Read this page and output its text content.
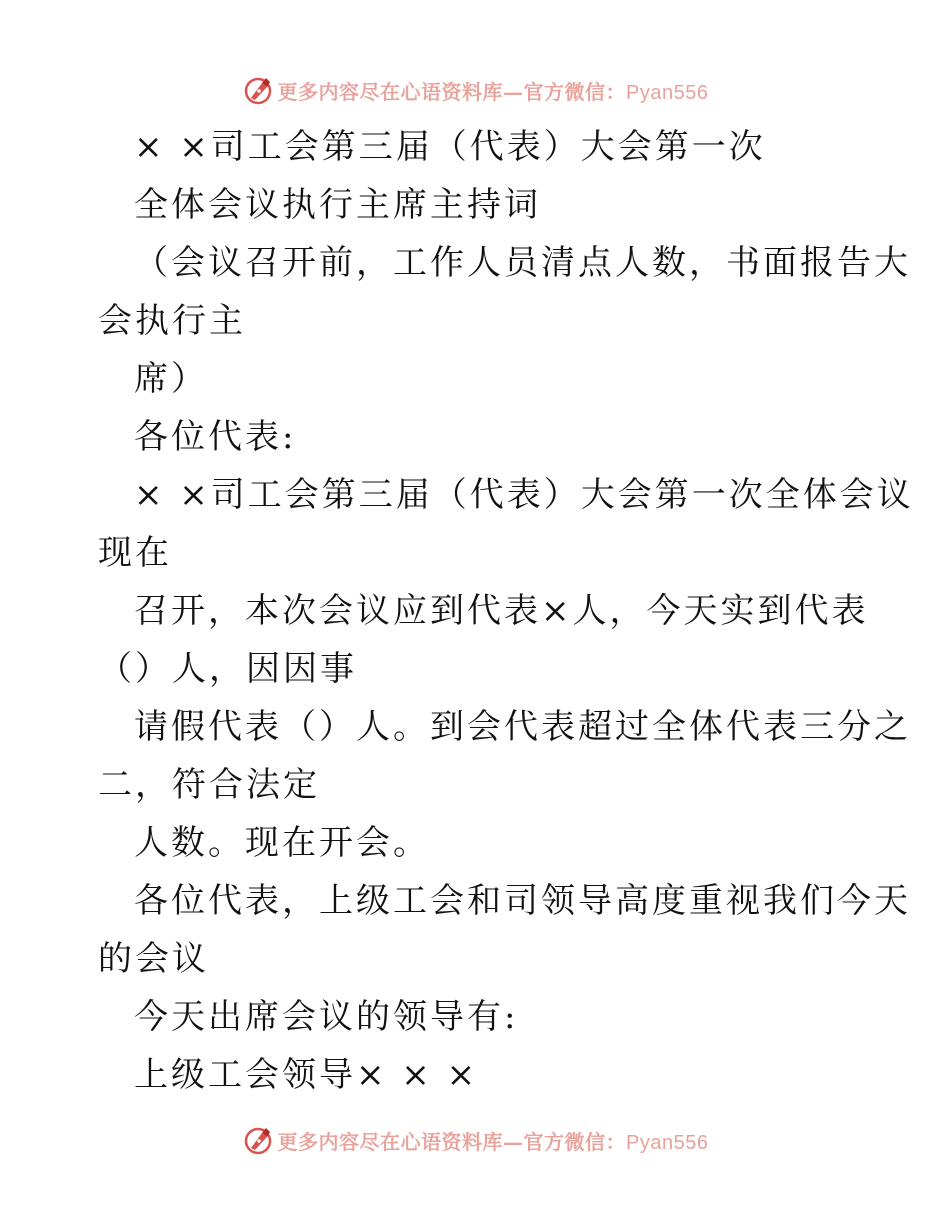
更多内容尽在心语资料库—官方微信：Pyan556
× ×司工会第三届（代表）大会第一次
全体会议执行主席主持词
（会议召开前，工作人员清点人数，书面报告大
会执行主
席）
各位代表:
× ×司工会第三届（代表）大会第一次全体会议
现在
召开，本次会议应到代表×人，今天实到代表
（）人，因因事
请假代表（）人。到会代表超过全体代表三分之
二，符合法定
人数。现在开会。
各位代表，上级工会和司领导高度重视我们今天
的会议
今天出席会议的领导有:
上级工会领导× × ×
更多内容尽在心语资料库—官方微信：Pyan556
